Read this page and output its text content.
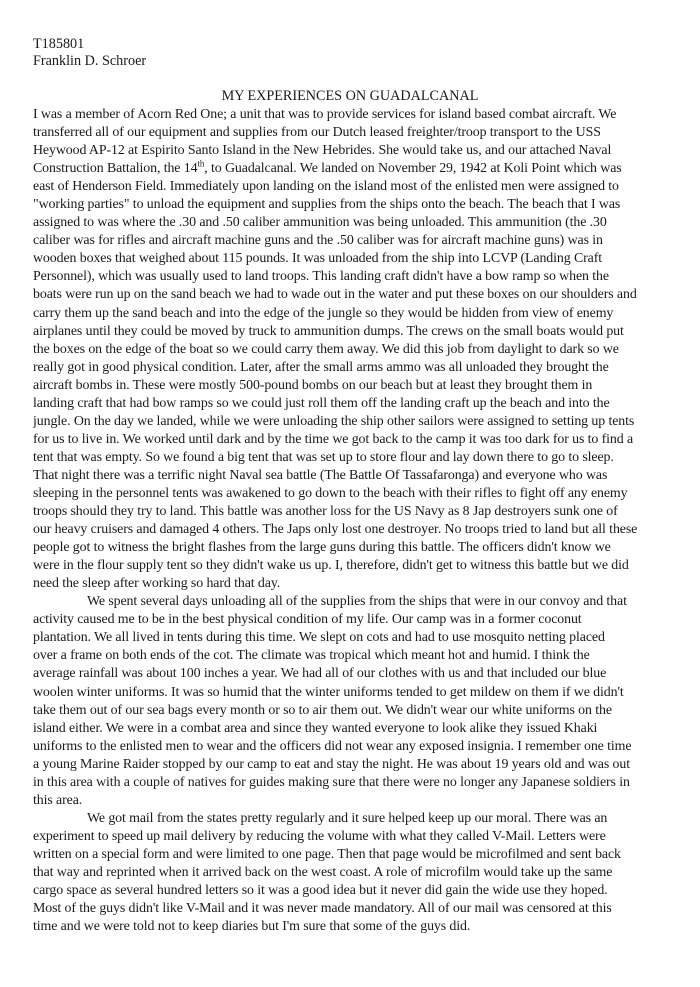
T185801
Franklin D. Schroer
MY EXPERIENCES ON GUADALCANAL
I was a member of Acorn Red One; a unit that was to provide services for island based combat aircraft. We
transferred all of our equipment and supplies from our Dutch leased freighter/troop transport to the USS
Heywood AP-12 at Espirito Santo Island in the New Hebrides. She would take us, and our attached Naval
Construction Battalion, the 14th, to Guadalcanal. We landed on November 29, 1942 at Koli Point which was
east of Henderson Field. Immediately upon landing on the island most of the enlisted men were assigned to
"working parties" to unload the equipment and supplies from the ships onto the beach. The beach that I was
assigned to was where the .30 and .50 caliber ammunition was being unloaded. This ammunition (the .30
caliber was for rifles and aircraft machine guns and the .50 caliber was for aircraft machine guns) was in
wooden boxes that weighed about 115 pounds. It was unloaded from the ship into LCVP (Landing Craft
Personnel), which was usually used to land troops. This landing craft didn't have a bow ramp so when the
boats were run up on the sand beach we had to wade out in the water and put these boxes on our shoulders and
carry them up the sand beach and into the edge of the jungle so they would be hidden from view of enemy
airplanes until they could be moved by truck to ammunition dumps. The crews on the small boats would put
the boxes on the edge of the boat so we could carry them away. We did this job from daylight to dark so we
really got in good physical condition. Later, after the small arms ammo was all unloaded they brought the
aircraft bombs in. These were mostly 500-pound bombs on our beach but at least they brought them in
landing craft that had bow ramps so we could just roll them off the landing craft up the beach and into the
jungle. On the day we landed, while we were unloading the ship other sailors were assigned to setting up tents
for us to live in. We worked until dark and by the time we got back to the camp it was too dark for us to find a
tent that was empty. So we found a big tent that was set up to store flour and lay down there to go to sleep.
That night there was a terrific night Naval sea battle (The Battle Of Tassafaronga) and everyone who was
sleeping in the personnel tents was awakened to go down to the beach with their rifles to fight off any enemy
troops should they try to land. This battle was another loss for the US Navy as 8 Jap destroyers sunk one of
our heavy cruisers and damaged 4 others. The Japs only lost one destroyer. No troops tried to land but all these
people got to witness the bright flashes from the large guns during this battle. The officers didn't know we
were in the flour supply tent so they didn't wake us up. I, therefore, didn't get to witness this battle but we did
need the sleep after working so hard that day.
We spent several days unloading all of the supplies from the ships that were in our convoy and that
activity caused me to be in the best physical condition of my life. Our camp was in a former coconut
plantation. We all lived in tents during this time. We slept on cots and had to use mosquito netting placed
over a frame on both ends of the cot. The climate was tropical which meant hot and humid. I think the
average rainfall was about 100 inches a year. We had all of our clothes with us and that included our blue
woolen winter uniforms. It was so humid that the winter uniforms tended to get mildew on them if we didn't
take them out of our sea bags every month or so to air them out. We didn't wear our white uniforms on the
island either. We were in a combat area and since they wanted everyone to look alike they issued Khaki
uniforms to the enlisted men to wear and the officers did not wear any exposed insignia. I remember one time
a young Marine Raider stopped by our camp to eat and stay the night. He was about 19 years old and was out
in this area with a couple of natives for guides making sure that there were no longer any Japanese soldiers in
this area.
We got mail from the states pretty regularly and it sure helped keep up our moral. There was an
experiment to speed up mail delivery by reducing the volume with what they called V-Mail. Letters were
written on a special form and were limited to one page. Then that page would be microfilmed and sent back
that way and reprinted when it arrived back on the west coast. A role of microfilm would take up the same
cargo space as several hundred letters so it was a good idea but it never did gain the wide use they hoped.
Most of the guys didn't like V-Mail and it was never made mandatory. All of our mail was censored at this
time and we were told not to keep diaries but I'm sure that some of the guys did.
